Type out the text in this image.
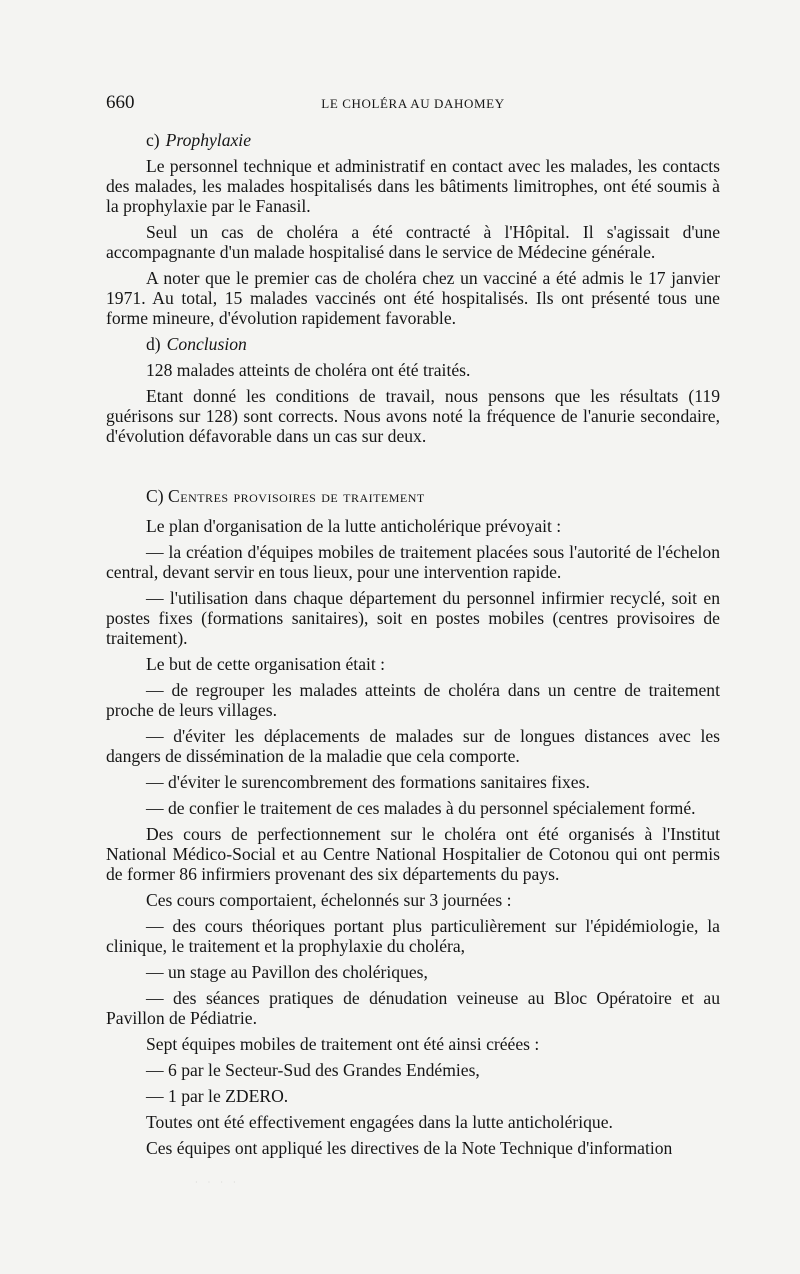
660	LE CHOLÉRA AU DAHOMEY
c) Prophylaxie

Le personnel technique et administratif en contact avec les malades, les contacts des malades, les malades hospitalisés dans les bâtiments limitrophes, ont été soumis à la prophylaxie par le Fanasil.

Seul un cas de choléra a été contracté à l'Hôpital. Il s'agissait d'une accompagnante d'un malade hospitalisé dans le service de Médecine générale.

A noter que le premier cas de choléra chez un vacciné a été admis le 17 janvier 1971. Au total, 15 malades vaccinés ont été hospitalisés. Ils ont présenté tous une forme mineure, d'évolution rapidement favorable.

d) Conclusion

128 malades atteints de choléra ont été traités.

Etant donné les conditions de travail, nous pensons que les résultats (119 guérisons sur 128) sont corrects. Nous avons noté la fréquence de l'anurie secondaire, d'évolution défavorable dans un cas sur deux.

C) Centres provisoires de traitement

Le plan d'organisation de la lutte anticholérique prévoyait :

— la création d'équipes mobiles de traitement placées sous l'autorité de l'échelon central, devant servir en tous lieux, pour une intervention rapide.

— l'utilisation dans chaque département du personnel infirmier recyclé, soit en postes fixes (formations sanitaires), soit en postes mobiles (centres provisoires de traitement).

Le but de cette organisation était :

— de regrouper les malades atteints de choléra dans un centre de traitement proche de leurs villages.

— d'éviter les déplacements de malades sur de longues distances avec les dangers de dissémination de la maladie que cela comporte.

— d'éviter le surencombrement des formations sanitaires fixes.

— de confier le traitement de ces malades à du personnel spécialement formé.

Des cours de perfectionnement sur le choléra ont été organisés à l'Institut National Médico-Social et au Centre National Hospitalier de Cotonou qui ont permis de former 86 infirmiers provenant des six départements du pays.

Ces cours comportaient, échelonnés sur 3 journées :

— des cours théoriques portant plus particulièrement sur l'épidémiologie, la clinique, le traitement et la prophylaxie du choléra,

— un stage au Pavillon des cholériques,

— des séances pratiques de dénudation veineuse au Bloc Opératoire et au Pavillon de Pédiatrie.

Sept équipes mobiles de traitement ont été ainsi créées :

— 6 par le Secteur-Sud des Grandes Endémies,

— 1 par le ZDERO.

Toutes ont été effectivement engagées dans la lutte anticholérique.

Ces équipes ont appliqué les directives de la Note Technique d'information

· · · ·
